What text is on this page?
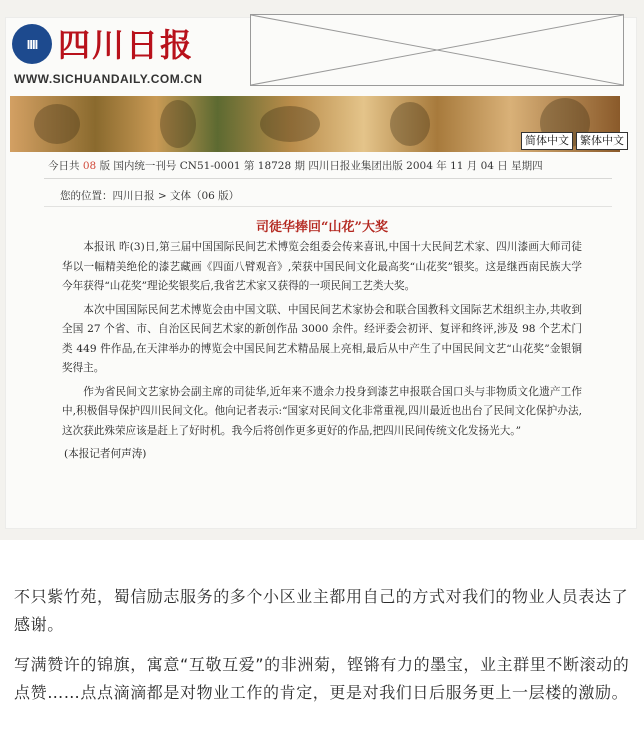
IIII 四川日报
WWW.SICHUANDAILY.COM.CN
简体中文	繁体中文
今日共 08 版 国内统一刊号 CN51-0001 第 18728 期 四川日报业集团出版 2004 年 11 月 04 日 星期四
您的位置：四川日报 > 文体（06 版）
司徒华捧回“山花”大奖

本报讯 昨(3)日,第三届中国国际民间艺术博览会组委会传来喜讯,中国十大民间艺术家、四川漆画大师司徒华以一幅精美绝伦的漆艺藏画《四面八臂观音》,荣获中国民间文化最高奖“山花奖”银奖。这是继西南民族大学今年获得“山花奖”理论奖银奖后,我省艺术家又获得的一项民间工艺类大奖。

本次中国国际民间艺术博览会由中国文联、中国民间艺术家协会和联合国教科文国际艺术组织主办,共收到全国 27 个省、市、自治区民间艺术家的新创作品 3000 余件。经评委会初评、复评和终评,涉及 98 个艺术门类 449 件作品,在天津举办的博览会中国民间艺术精品展上亮相,最后从中产生了中国民间文艺“山花奖”金银铜奖得主。

作为省民间文艺家协会副主席的司徒华,近年来不遗余力投身到漆艺申报联合国口头与非物质文化遗产工作中,积极倡导保护四川民间文化。他向记者表示:“国家对民间文化非常重视,四川最近也出台了民间文化保护办法,这次获此殊荣应该是赶上了好时机。我今后将创作更多更好的作品,把四川民间传统文化发扬光大。”

(本报记者何声涛)

不只紫竹苑，蜀信励志服务的多个小区业主都用自己的方式对我们的物业人员表达了感谢。
写满赞许的锦旗，寓意“互敬互爱”的非洲菊，铿锵有力的墨宝，业主群里不断滚动的点赞……点点滴滴都是对物业工作的肯定，更是对我们日后服务更上一层楼的激励。
